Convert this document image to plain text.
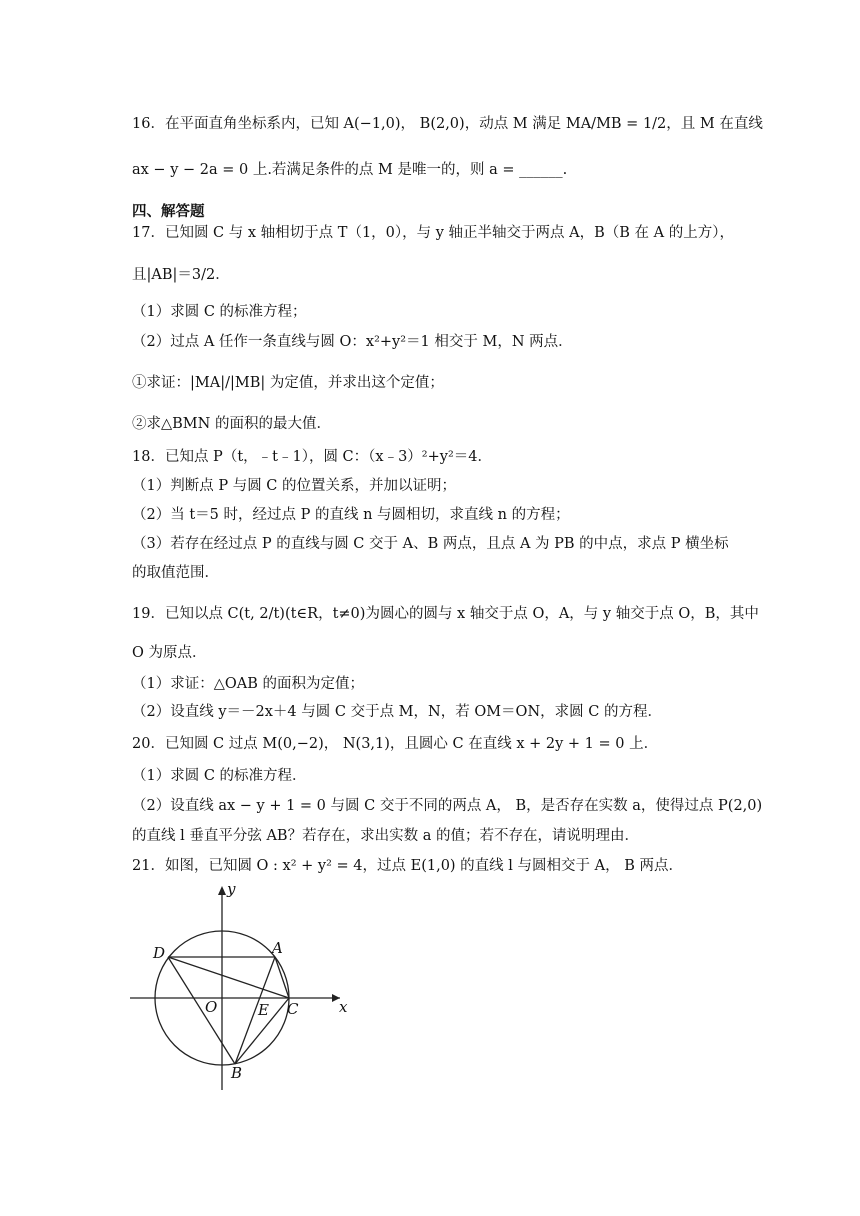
16．在平面直角坐标系内，已知 A(−1,0)， B(2,0)，动点 M 满足 MA/MB = 1/2，且 M 在直线
ax − y − 2a = 0 上.若满足条件的点 M 是唯一的，则 a = ______.
四、解答题
17．已知圆 C 与 x 轴相切于点 T（1，0），与 y 轴正半轴交于两点 A，B（B 在 A 的上方），
且|AB|＝3/2．
（1）求圆 C 的标准方程；
（2）过点 A 任作一条直线与圆 O：x²+y²＝1 相交于 M，N 两点．
①求证：|MA|/|MB| 为定值，并求出这个定值；
②求△BMN 的面积的最大值．
18．已知点 P（t，﹣t﹣1），圆 C：（x﹣3）²+y²＝4．
（1）判断点 P 与圆 C 的位置关系，并加以证明；
（2）当 t＝5 时，经过点 P 的直线 n 与圆相切，求直线 n 的方程；
（3）若存在经过点 P 的直线与圆 C 交于 A、B 两点，且点 A 为 PB 的中点，求点 P 横坐标
的取值范围．
19．已知以点 C(t, 2/t)(t∈R，t≠0)为圆心的圆与 x 轴交于点 O，A，与 y 轴交于点 O，B，其中
O 为原点．
（1）求证：△OAB 的面积为定值；
（2）设直线 y＝－2x＋4 与圆 C 交于点 M，N，若 OM＝ON，求圆 C 的方程．
20．已知圆 C 过点 M(0,−2)， N(3,1)，且圆心 C 在直线 x + 2y + 1 = 0 上．
（1）求圆 C 的标准方程．
（2）设直线 ax − y + 1 = 0 与圆 C 交于不同的两点 A， B，是否存在实数 a，使得过点 P(2,0)
的直线 l 垂直平分弦 AB？若存在，求出实数 a 的值；若不存在，请说明理由．
21．如图，已知圆 O : x² + y² = 4，过点 E(1,0) 的直线 l 与圆相交于 A， B 两点．
y
x
D	A
O	E C
B
